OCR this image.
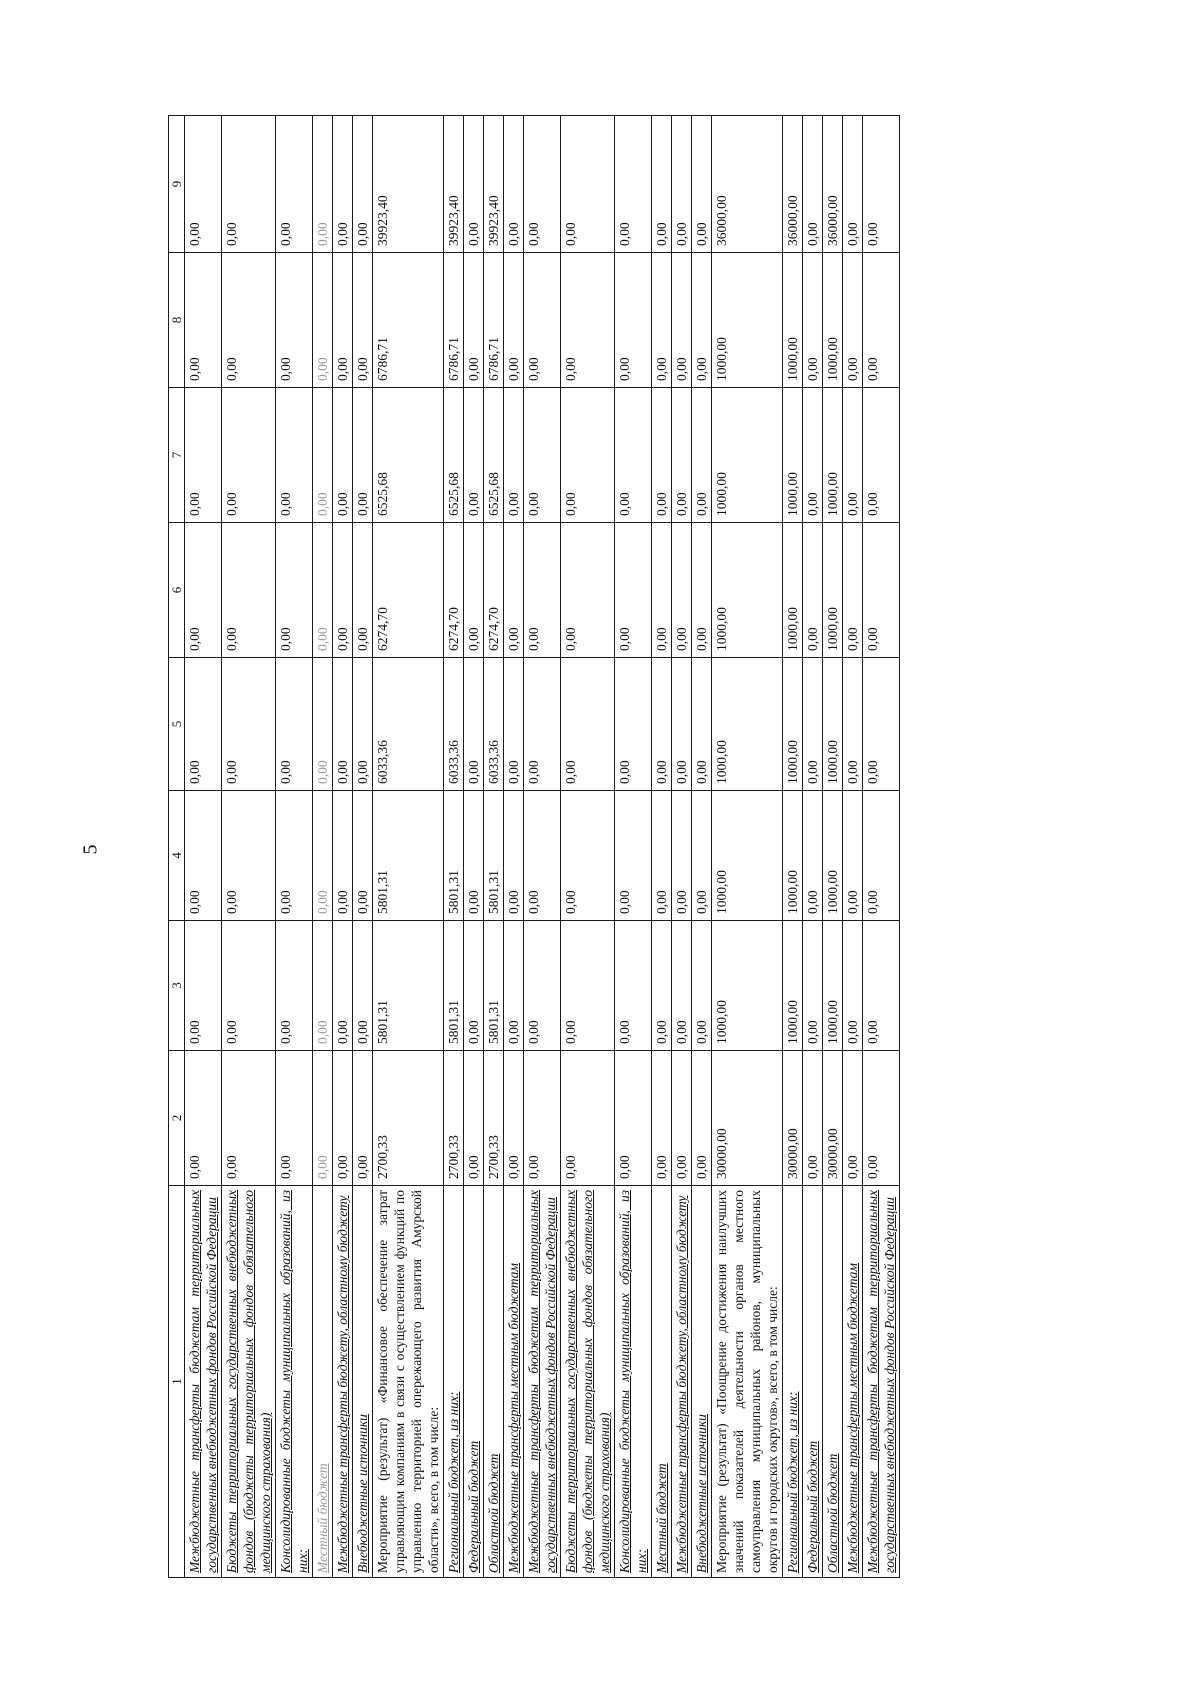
5
1	2	3	4	5	6	7	8	9
Межбюджетные трансферты бюджетам территориальных государственных внебюджетных фондов Российской Федерации	0,00	0,00	0,00	0,00	0,00	0,00	0,00	0,00
Бюджеты территориальных государственных внебюджетных фондов (бюджеты территориальных фондов обязательного медицинского страхования)	0,00	0,00	0,00	0,00	0,00	0,00	0,00	0,00
Консолидированные бюджеты муниципальных образований, из них:	0,00	0,00	0,00	0,00	0,00	0,00	0,00	0,00
Местный бюджет	0,00	0,00	0,00	0,00	0,00	0,00	0,00	0,00
Межбюджетные трансферты бюджету, областному бюджету	0,00	0,00	0,00	0,00	0,00	0,00	0,00	0,00
Внебюджетные источники	0,00	0,00	0,00	0,00	0,00	0,00	0,00	0,00
Мероприятие (результат) «Финансовое обеспечение затрат управляющим компаниям в связи с осуществлением функций по управлению территорией опережающего развития Амурской области», всего, в том числе:	2700,33	5801,31	5801,31	6033,36	6274,70	6525,68	6786,71	39923,40
Региональный бюджет, из них:	2700,33	5801,31	5801,31	6033,36	6274,70	6525,68	6786,71	39923,40
Федеральный бюджет	0,00	0,00	0,00	0,00	0,00	0,00	0,00	0,00
Областной бюджет	2700,33	5801,31	5801,31	6033,36	6274,70	6525,68	6786,71	39923,40
Межбюджетные трансферты местным бюджетам	0,00	0,00	0,00	0,00	0,00	0,00	0,00	0,00
Межбюджетные трансферты бюджетам территориальных государственных внебюджетных фондов Российской Федерации	0,00	0,00	0,00	0,00	0,00	0,00	0,00	0,00
Бюджеты территориальных государственных внебюджетных фондов (бюджеты территориальных фондов обязательного медицинского страхования)	0,00	0,00	0,00	0,00	0,00	0,00	0,00	0,00
Консолидированные бюджеты муниципальных образований, из них:	0,00	0,00	0,00	0,00	0,00	0,00	0,00	0,00
Местный бюджет	0,00	0,00	0,00	0,00	0,00	0,00	0,00	0,00
Межбюджетные трансферты бюджету, областному бюджету	0,00	0,00	0,00	0,00	0,00	0,00	0,00	0,00
Внебюджетные источники	0,00	0,00	0,00	0,00	0,00	0,00	0,00	0,00
Мероприятие (результат) «Поощрение достижения наилучших значений показателей деятельности органов местного самоуправления муниципальных районов, муниципальных округов и городских округов», всего, в том числе:	30000,00	1000,00	1000,00	1000,00	1000,00	1000,00	1000,00	36000,00
Региональный бюджет, из них:	30000,00	1000,00	1000,00	1000,00	1000,00	1000,00	1000,00	36000,00
Федеральный бюджет	0,00	0,00	0,00	0,00	0,00	0,00	0,00	0,00
Областной бюджет	30000,00	1000,00	1000,00	1000,00	1000,00	1000,00	1000,00	36000,00
Межбюджетные трансферты местным бюджетам	0,00	0,00	0,00	0,00	0,00	0,00	0,00	0,00
Межбюджетные трансферты бюджетам территориальных государственных внебюджетных фондов Российской Федерации	0,00	0,00	0,00	0,00	0,00	0,00	0,00	0,00
